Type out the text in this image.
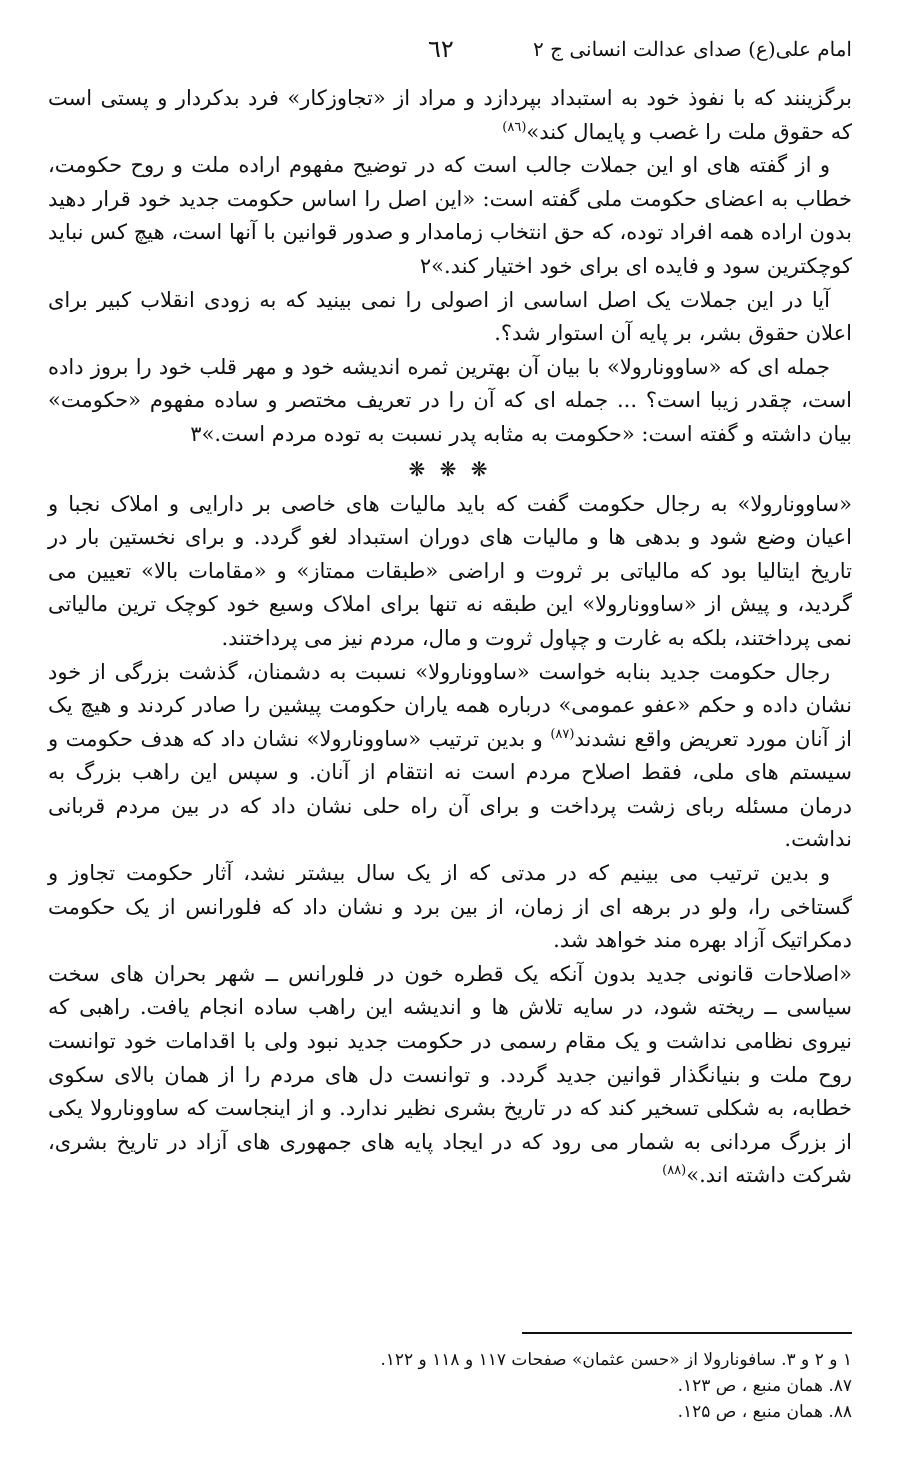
امام علی(ع) صدای عدالت انسانی ج ۲
٦٢

برگزینند که با نفوذ خود به استبداد بپردازد و مراد از «تجاوزکار» فرد بدکردار و پستی است که حقوق ملت را غصب و پایمال کند»$^{(٨٦)}$

و از گفته های او این جملات جالب است که در توضیح مفهوم اراده ملت و روح حکومت، خطاب به اعضای حکومت ملی گفته است: «این اصل را اساس حکومت جدید خود قرار دهید بدون اراده همه افراد توده، که حق انتخاب زمامدار و صدور قوانین با آنها است، هیچ کس نباید کوچکترین سود و فایده ای برای خود اختیار کند.»۲

آیا در این جملات یک اصل اساسی از اصولی را نمی بینید که به زودی انقلاب کبیر برای اعلان حقوق بشر، بر پایه آن استوار شد؟.

جمله ای که «ساوونارولا» با بیان آن بهترین ثمره اندیشه خود و مهر قلب خود را بروز داده است، چقدر زیبا است؟ ... جمله ای که آن را در تعریف مختصر و ساده مفهوم «حکومت» بیان داشته و گفته است: «حکومت به مثابه پدر نسبت به توده مردم است.»۳

❋ ❋ ❋

«ساوونارولا» به رجال حکومت گفت که باید مالیات های خاصی بر دارایی و املاک نجبا و اعیان وضع شود و بدهی ها و مالیات های دوران استبداد لغو گردد. و برای نخستین بار در تاریخ ایتالیا بود که مالیاتی بر ثروت و اراضی «طبقات ممتاز» و «مقامات بالا» تعیین می گردید، و پیش از «ساوونارولا» این طبقه نه تنها برای املاک وسیع خود کوچک ترین مالیاتی نمی پرداختند، بلکه به غارت و چپاول ثروت و مال، مردم نیز می پرداختند.

رجال حکومت جدید بنابه خواست «ساوونارولا» نسبت به دشمنان، گذشت بزرگی از خود نشان داده و حکم «عفو عمومی» درباره همه یاران حکومت پیشین را صادر کردند و هیچ یک از آنان مورد تعریض واقع نشدند$^{(٨٧)}$ و بدین ترتیب «ساوونارولا» نشان داد که هدف حکومت و سیستم های ملی، فقط اصلاح مردم است نه انتقام از آنان. و سپس این راهب بزرگ به درمان مسئله ربای زشت پرداخت و برای آن راه حلی نشان داد که در بین مردم قربانی نداشت.

و بدین ترتیب می بینیم که در مدتی که از یک سال بیشتر نشد، آثار حکومت تجاوز و گستاخی را، ولو در برهه ای از زمان، از بین برد و نشان داد که فلورانس از یک حکومت دمکراتیک آزاد بهره مند خواهد شد.

«اصلاحات قانونی جدید بدون آنکه یک قطره خون در فلورانس ــ شهر بحران های سخت سیاسی ــ ریخته شود، در سایه تلاش ها و اندیشه این راهب ساده انجام یافت. راهبی که نیروی نظامی نداشت و یک مقام رسمی در حکومت جدید نبود ولی با اقدامات خود توانست روح ملت و بنیانگذار قوانین جدید گردد. و توانست دل های مردم را از همان بالای سکوی خطابه، به شکلی تسخیر کند که در تاریخ بشری نظیر ندارد. و از اینجاست که ساوونارولا یکی از بزرگ مردانی به شمار می رود که در ایجاد پایه های جمهوری های آزاد در تاریخ بشری، شرکت داشته اند.»$^{(٨٨)}$

۱ و ۲ و ۳. سافونارولا از «حسن عثمان» صفحات ۱۱۷ و ۱۱۸ و ۱۲۲.
۸۷. همان منبع ، ص ۱۲۳.
۸۸. همان منبع ، ص ۱۲۵.
